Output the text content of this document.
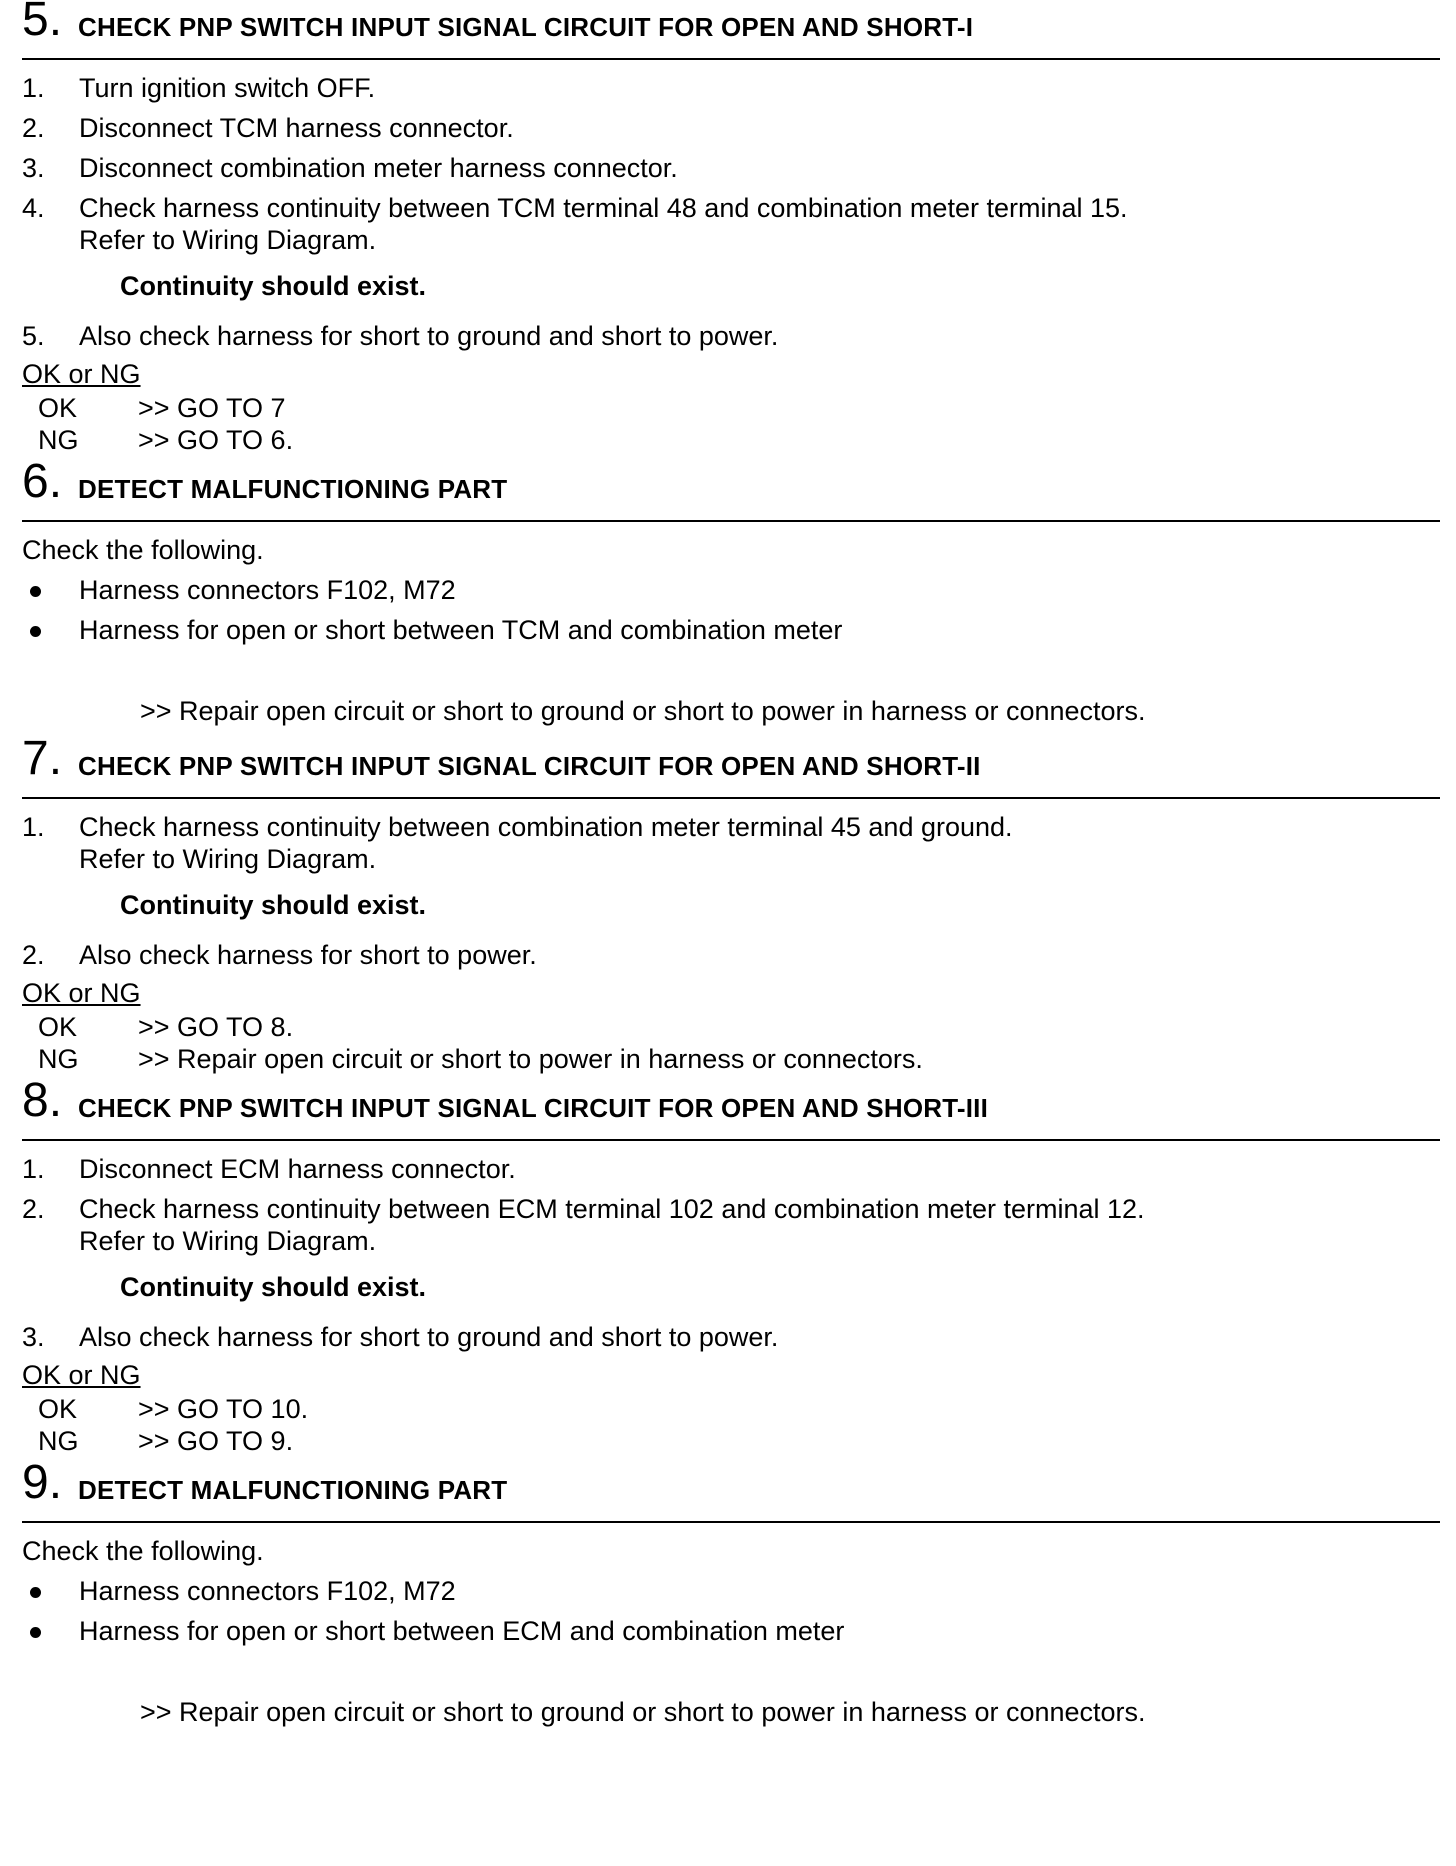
5. CHECK PNP SWITCH INPUT SIGNAL CIRCUIT FOR OPEN AND SHORT-I
1.	Turn ignition switch OFF.
2.	Disconnect TCM harness connector.
3.	Disconnect combination meter harness connector.
4. Check harness continuity between TCM terminal 48 and combination meter terminal 15.
Refer to Wiring Diagram.
Continuity should exist.
5.	Also check harness for short to ground and short to power.
OK or NG
OK >> GO TO 7
NG >> GO TO 6.
6. DETECT MALFUNCTIONING PART
Check the following.
Harness connectors F102, M72
Harness for open or short between TCM and combination meter
>> Repair open circuit or short to ground or short to power in harness or connectors.
7. CHECK PNP SWITCH INPUT SIGNAL CIRCUIT FOR OPEN AND SHORT-II
1. Check harness continuity between combination meter terminal 45 and ground.
Refer to Wiring Diagram.
Continuity should exist.
2.	Also check harness for short to power.
OK or NG
OK >> GO TO 8.
NG >> Repair open circuit or short to power in harness or connectors.
8. CHECK PNP SWITCH INPUT SIGNAL CIRCUIT FOR OPEN AND SHORT-III
1.	Disconnect ECM harness connector.
2. Check harness continuity between ECM terminal 102 and combination meter terminal 12.
Refer to Wiring Diagram.
Continuity should exist.
3.	Also check harness for short to ground and short to power.
OK or NG
OK >> GO TO 10.
NG >> GO TO 9.
9. DETECT MALFUNCTIONING PART
Check the following.
Harness connectors F102, M72
Harness for open or short between ECM and combination meter
>> Repair open circuit or short to ground or short to power in harness or connectors.
